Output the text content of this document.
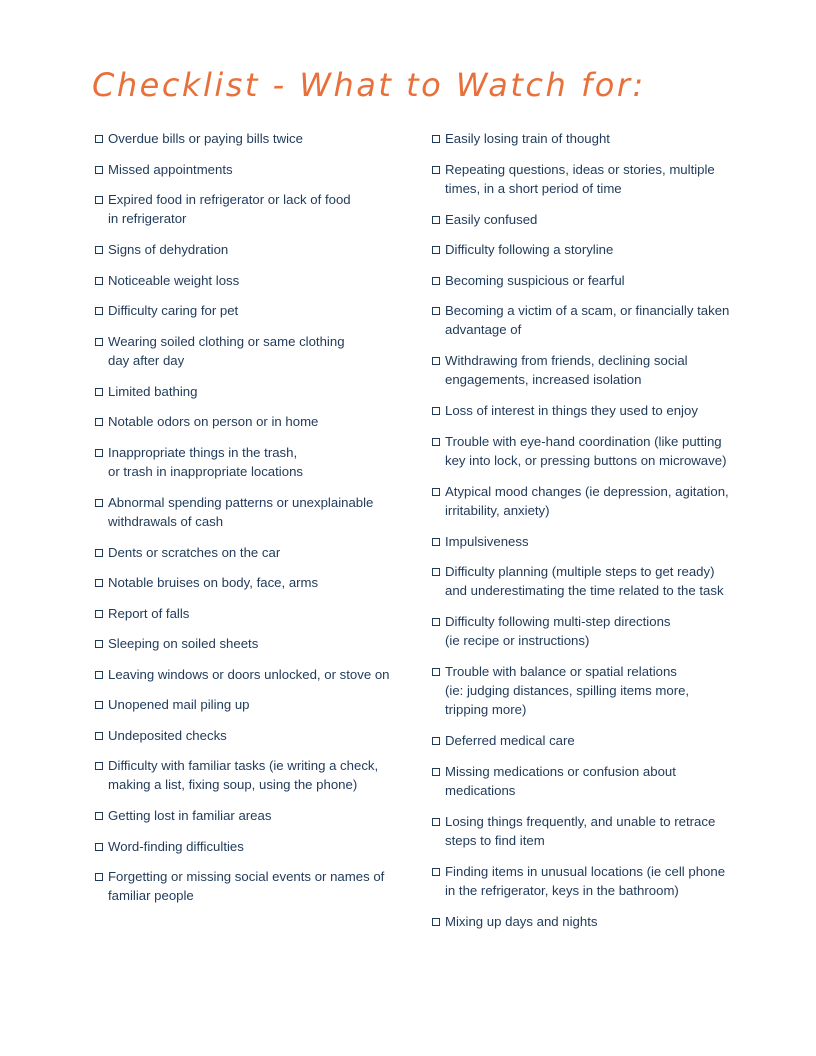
Checklist - What to Watch for:
Overdue bills or paying bills twice
Missed appointments
Expired food in refrigerator or lack of food
in refrigerator
Signs of dehydration
Noticeable weight loss
Difficulty caring for pet
Wearing soiled clothing or same clothing
day after day
Limited bathing
Notable odors on person or in home
Inappropriate things in the trash,
or trash in inappropriate locations
Abnormal spending patterns or unexplainable
withdrawals of cash
Dents or scratches on the car
Notable bruises on body, face, arms
Report of falls
Sleeping on soiled sheets
Leaving windows or doors unlocked, or stove on
Unopened mail piling up
Undeposited checks
Difficulty with familiar tasks (ie writing a check,
making a list, fixing soup, using the phone)
Getting lost in familiar areas
Word-finding difficulties
Forgetting or missing social events or names of
familiar people
Easily losing train of thought
Repeating questions, ideas or stories, multiple
times, in a short period of time
Easily confused
Difficulty following a storyline
Becoming suspicious or fearful
Becoming a victim of a scam, or financially taken
advantage of
Withdrawing from friends, declining social
engagements, increased isolation
Loss of interest in things they used to enjoy
Trouble with eye-hand coordination (like putting
key into lock, or pressing buttons on microwave)
Atypical mood changes (ie depression, agitation,
irritability, anxiety)
Impulsiveness
Difficulty planning (multiple steps to get ready)
and underestimating the time related to the task
Difficulty following multi-step directions
(ie recipe or instructions)
Trouble with balance or spatial relations
(ie: judging distances, spilling items more,
tripping more)
Deferred medical care
Missing medications or confusion about
medications
Losing things frequently, and unable to retrace
steps to find item
Finding items in unusual locations (ie cell phone
in the refrigerator, keys in the bathroom)
Mixing up days and nights
